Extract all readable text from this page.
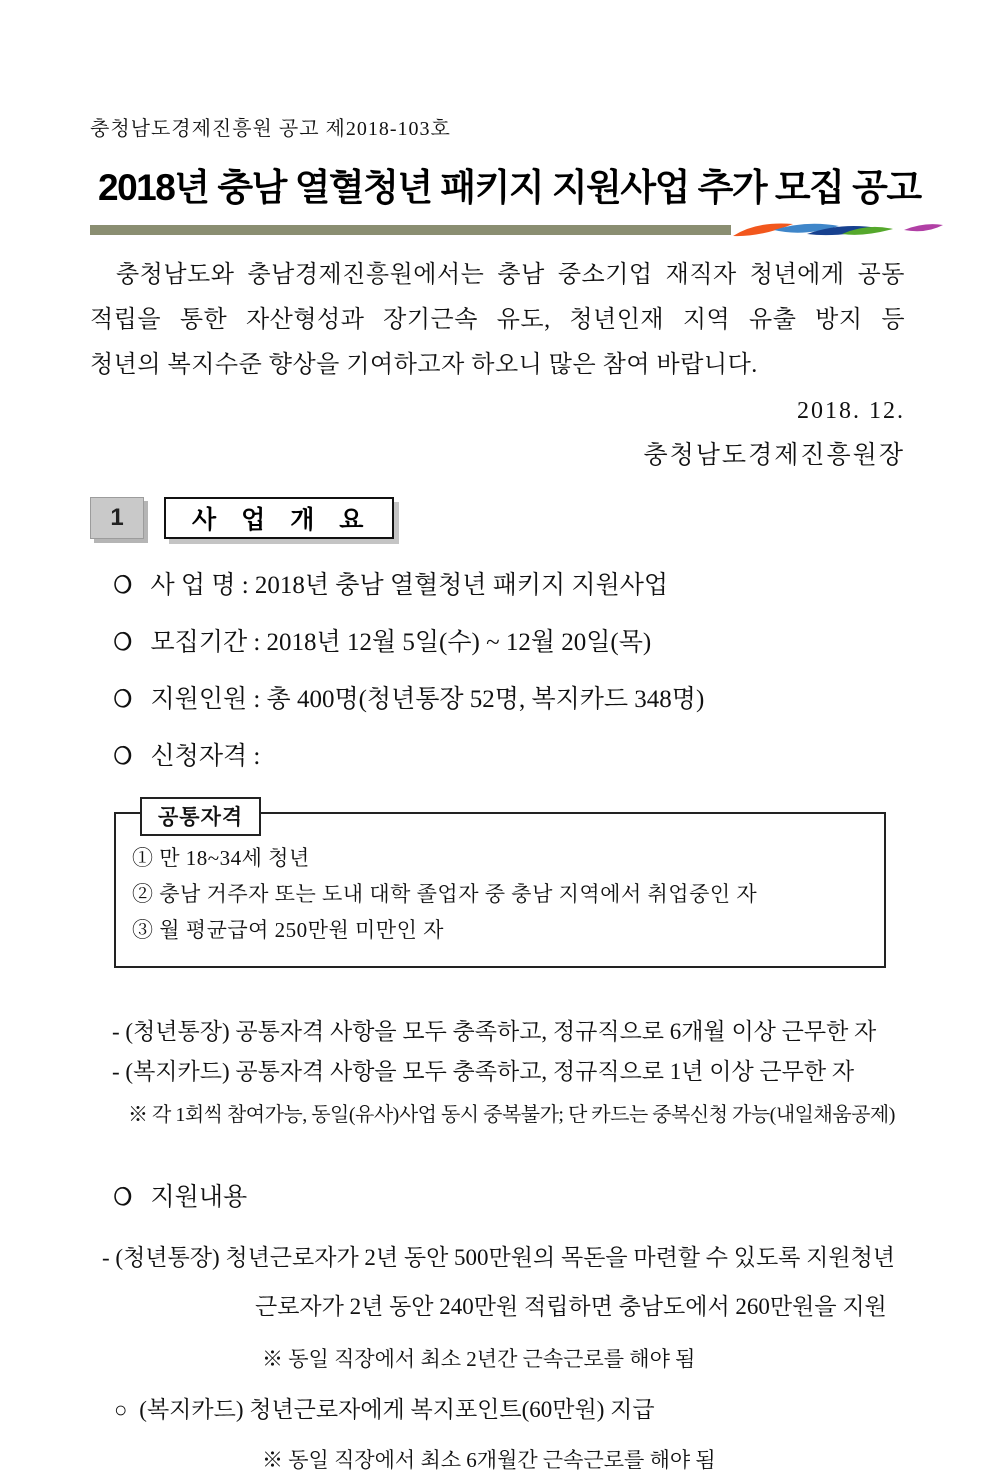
충청남도경제진흥원 공고 제2018-103호
2018년 충남 열혈청년 패키지 지원사업 추가 모집 공고
충청남도와 충남경제진흥원에서는 충남 중소기업 재직자 청년에게 공동
적립을 통한 자산형성과 장기근속 유도, 청년인재 지역 유출 방지 등
청년의 복지수준 향상을 기여하고자 하오니 많은 참여 바랍니다.
2018. 12.
충청남도경제진흥원장
1	사 업 개 요
❍ 사 업 명 : 2018년 충남 열혈청년 패키지 지원사업
❍ 모집기간 : 2018년 12월 5일(수) ~ 12월 20일(목)
❍ 지원인원 : 총 400명(청년통장 52명, 복지카드 348명)
❍ 신청자격 :
공통자격
① 만 18~34세 청년
② 충남 거주자 또는 도내 대학 졸업자 중 충남 지역에서 취업중인 자
③ 월 평균급여 250만원 미만인 자
- (청년통장) 공통자격 사항을 모두 충족하고, 정규직으로 6개월 이상 근무한 자
- (복지카드) 공통자격 사항을 모두 충족하고, 정규직으로 1년 이상 근무한 자
※ 각 1회씩 참여가능, 동일(유사)사업 동시 중복불가; 단 카드는 중복신청 가능(내일채움공제)
❍ 지원내용
- (청년통장) 청년근로자가 2년 동안 500만원의 목돈을 마련할 수 있도록 지원청년
근로자가 2년 동안 240만원 적립하면 충남도에서 260만원을 지원
※ 동일 직장에서 최소 2년간 근속근로를 해야 됨
○ (복지카드) 청년근로자에게 복지포인트(60만원) 지급
※ 동일 직장에서 최소 6개월간 근속근로를 해야 됨
